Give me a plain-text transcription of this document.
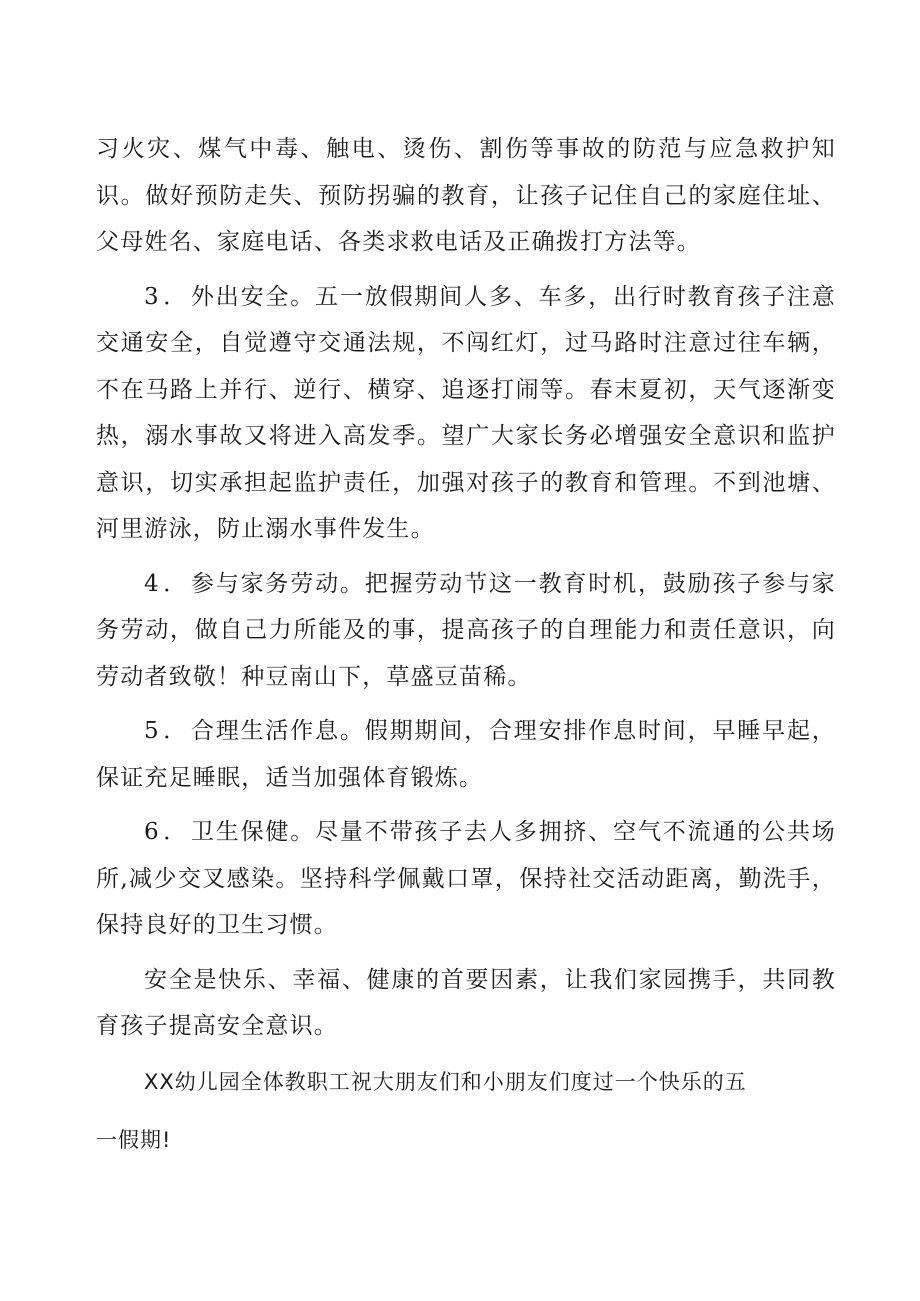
习火灾、煤气中毒、触电、烫伤、割伤等事故的防范与应急救护知识。做好预防走失、预防拐骗的教育，让孩子记住自己的家庭住址、父母姓名、家庭电话、各类求救电话及正确拨打方法等。

3．外出安全。五一放假期间人多、车多，出行时教育孩子注意交通安全，自觉遵守交通法规，不闯红灯，过马路时注意过往车辆，不在马路上并行、逆行、横穿、追逐打闹等。春末夏初，天气逐渐变热，溺水事故又将进入高发季。望广大家长务必增强安全意识和监护意识，切实承担起监护责任，加强对孩子的教育和管理。不到池塘、河里游泳，防止溺水事件发生。

4．参与家务劳动。把握劳动节这一教育时机，鼓励孩子参与家务劳动，做自己力所能及的事，提高孩子的自理能力和责任意识，向劳动者致敬！种豆南山下，草盛豆苗稀。

5．合理生活作息。假期期间，合理安排作息时间，早睡早起，保证充足睡眠，适当加强体育锻炼。

6．卫生保健。尽量不带孩子去人多拥挤、空气不流通的公共场所,减少交叉感染。坚持科学佩戴口罩，保持社交活动距离，勤洗手，保持良好的卫生习惯。

安全是快乐、幸福、健康的首要因素，让我们家园携手，共同教育孩子提高安全意识。

XX幼儿园全体教职工祝大朋友们和小朋友们度过一个快乐的五

一假期!
